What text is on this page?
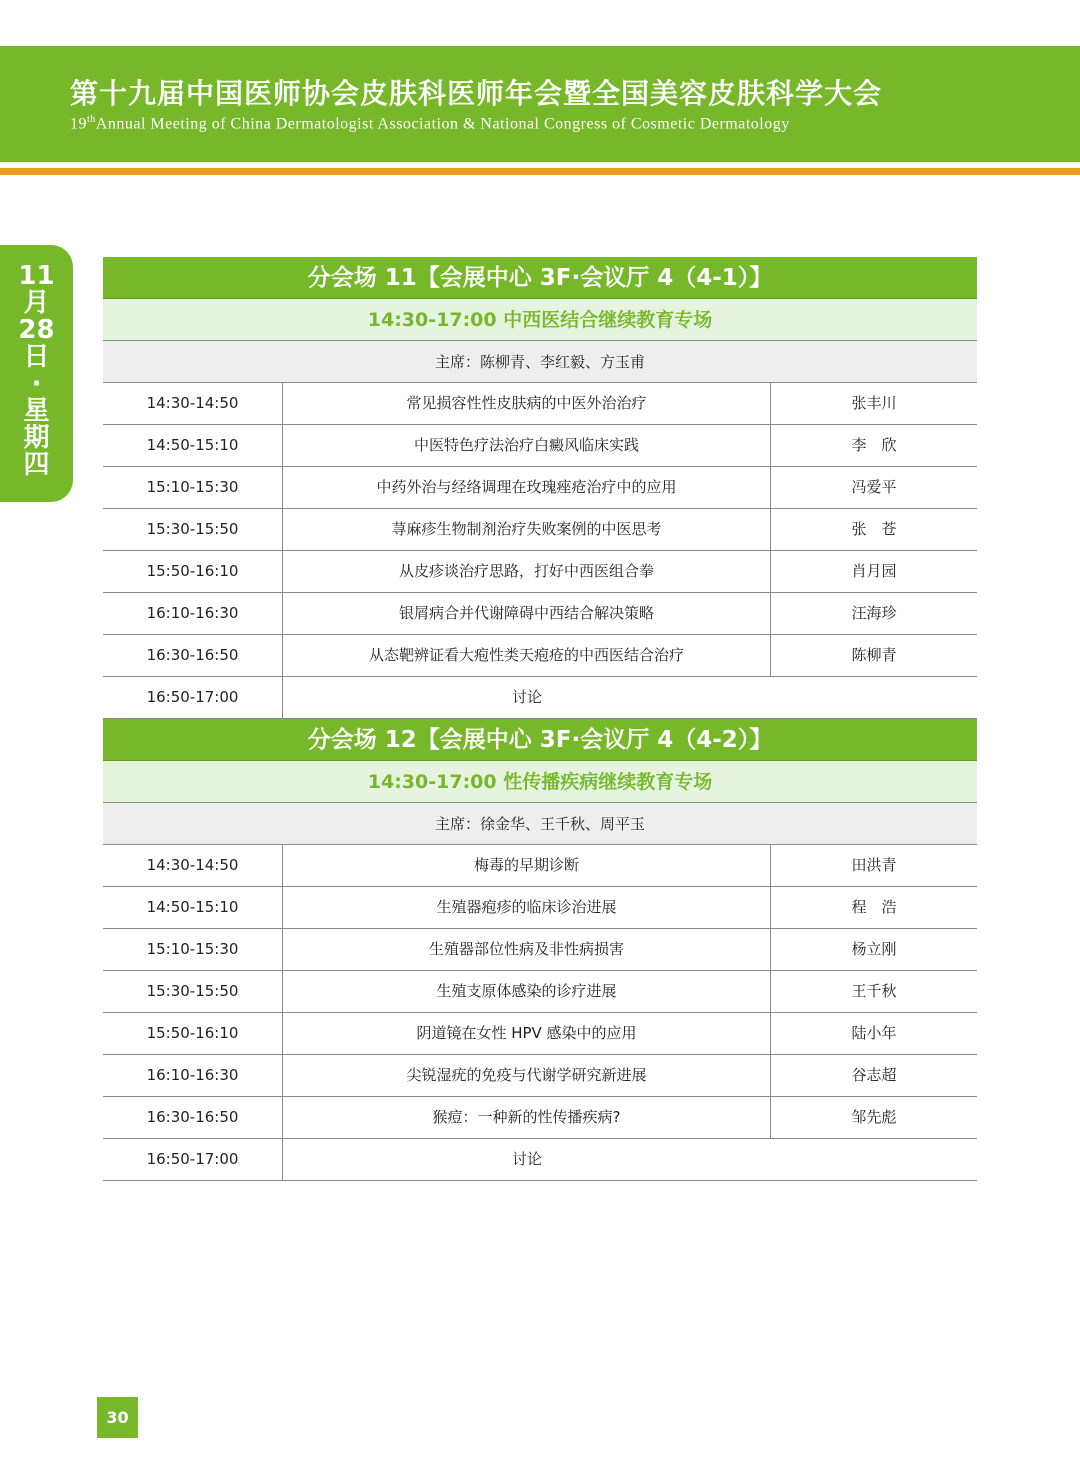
第十九届中国医师协会皮肤科医师年会暨全国美容皮肤科学大会
19thAnnual Meeting of China Dermatologist Association & National Congress of Cosmetic Dermatology
11
月
28
日
·
星
期
四
分会场 11【会展中心 3F·会议厅 4（4-1）】
14:30-17:00 中西医结合继续教育专场
主席：陈柳青、李红毅、方玉甫
14:30-14:50	常见损容性性皮肤病的中医外治治疗	张丰川
14:50-15:10	中医特色疗法治疗白癜风临床实践	李　欣
15:10-15:30	中药外治与经络调理在玫瑰痤疮治疗中的应用	冯爱平
15:30-15:50	荨麻疹生物制剂治疗失败案例的中医思考	张　苍
15:50-16:10	从皮疹谈治疗思路，打好中西医组合拳	肖月园
16:10-16:30	银屑病合并代谢障碍中西结合解决策略	汪海珍
16:30-16:50	从态靶辨证看大疱性类天疱疮的中西医结合治疗	陈柳青
16:50-17:00	讨论
分会场 12【会展中心 3F·会议厅 4（4-2）】
14:30-17:00 性传播疾病继续教育专场
主席：徐金华、王千秋、周平玉
14:30-14:50	梅毒的早期诊断	田洪青
14:50-15:10	生殖器疱疹的临床诊治进展	程　浩
15:10-15:30	生殖器部位性病及非性病损害	杨立刚
15:30-15:50	生殖支原体感染的诊疗进展	王千秋
15:50-16:10	阴道镜在女性 HPV 感染中的应用	陆小年
16:10-16:30	尖锐湿疣的免疫与代谢学研究新进展	谷志超
16:30-16:50	猴痘：一种新的性传播疾病?	邹先彪
16:50-17:00	讨论
30
